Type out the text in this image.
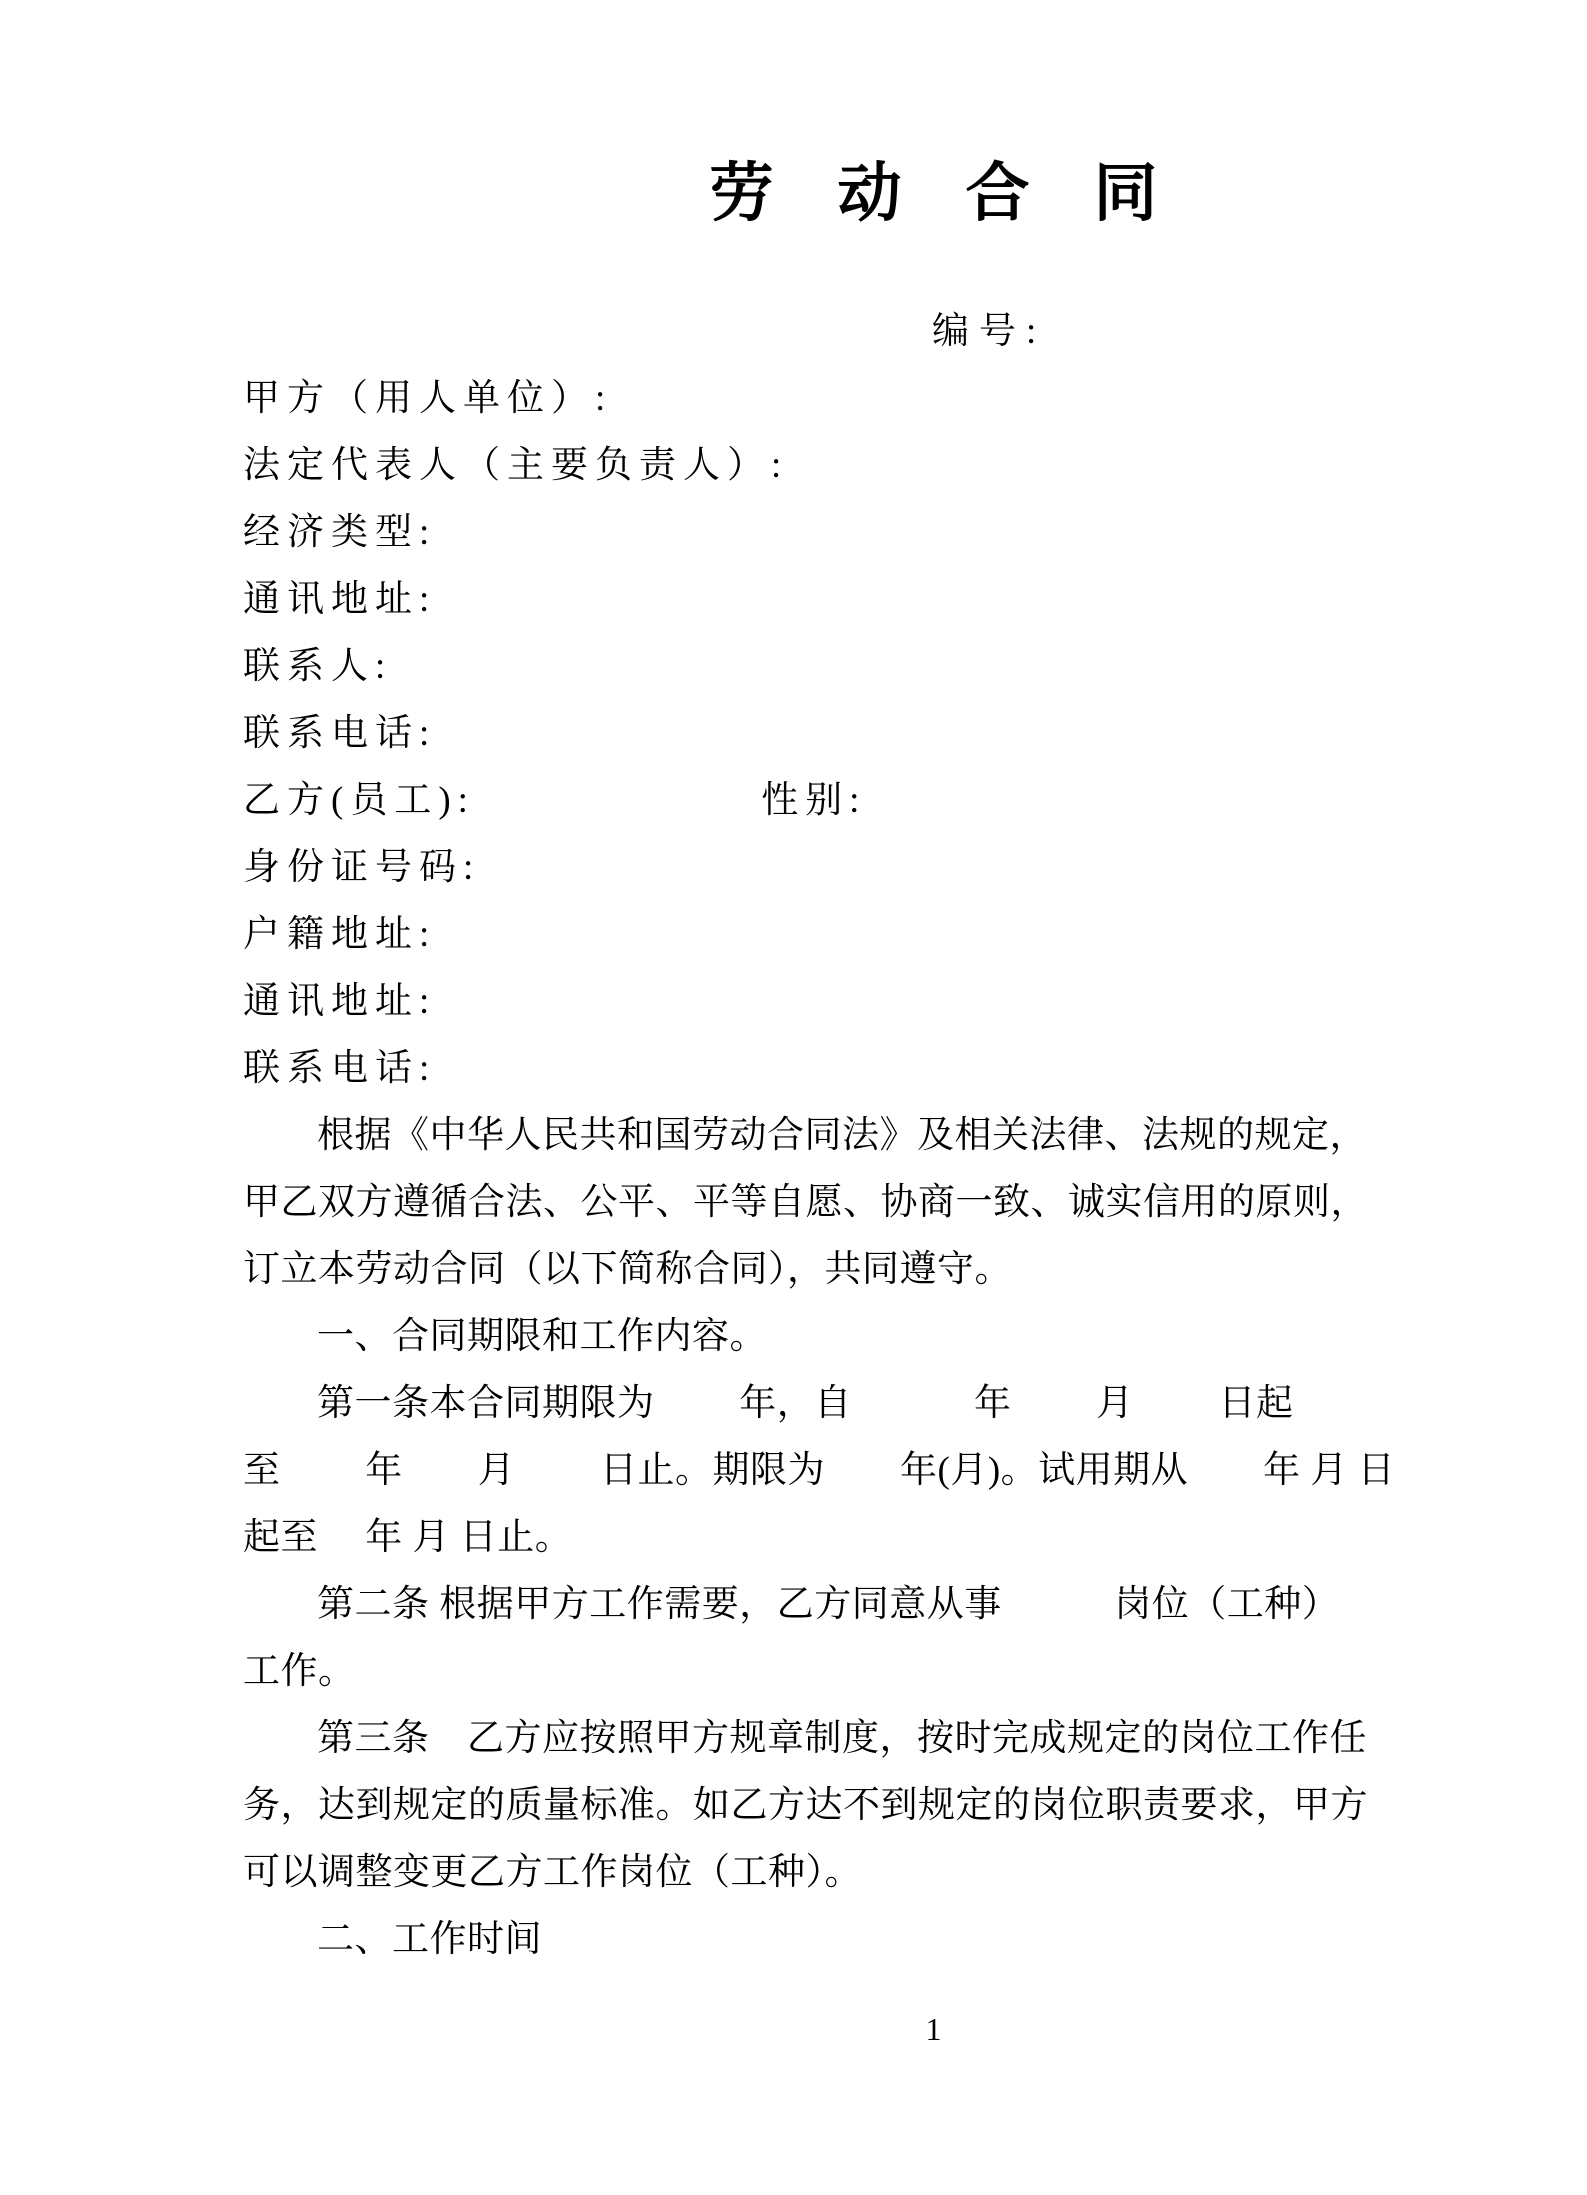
劳　动　合　同
编号:
甲方（用人单位）:
法定代表人（主要负责人）:
经济类型:
通讯地址:
联系人:
联系电话:
乙方(员工):	性别:
身份证号码:
户籍地址:
通讯地址:
联系电话:
根据《中华人民共和国劳动合同法》及相关法律、法规的规定，
甲乙双方遵循合法、公平、平等自愿、协商一致、诚实信用的原则，
订立本劳动合同（以下简称合同），共同遵守。
一、合同期限和工作内容。
第一条本合同期限为　　 年，自　　　 年　　 月　　 日起
至　　 年　　月　　 日止。期限为　　年(月)。试用期从　　年 月 日
起至　 年 月 日止。
第二条 根据甲方工作需要，乙方同意从事　　　岗位（工种）
工作。
第三条　乙方应按照甲方规章制度，按时完成规定的岗位工作任
务，达到规定的质量标准。如乙方达不到规定的岗位职责要求，甲方
可以调整变更乙方工作岗位（工种）。
二、工作时间
1
